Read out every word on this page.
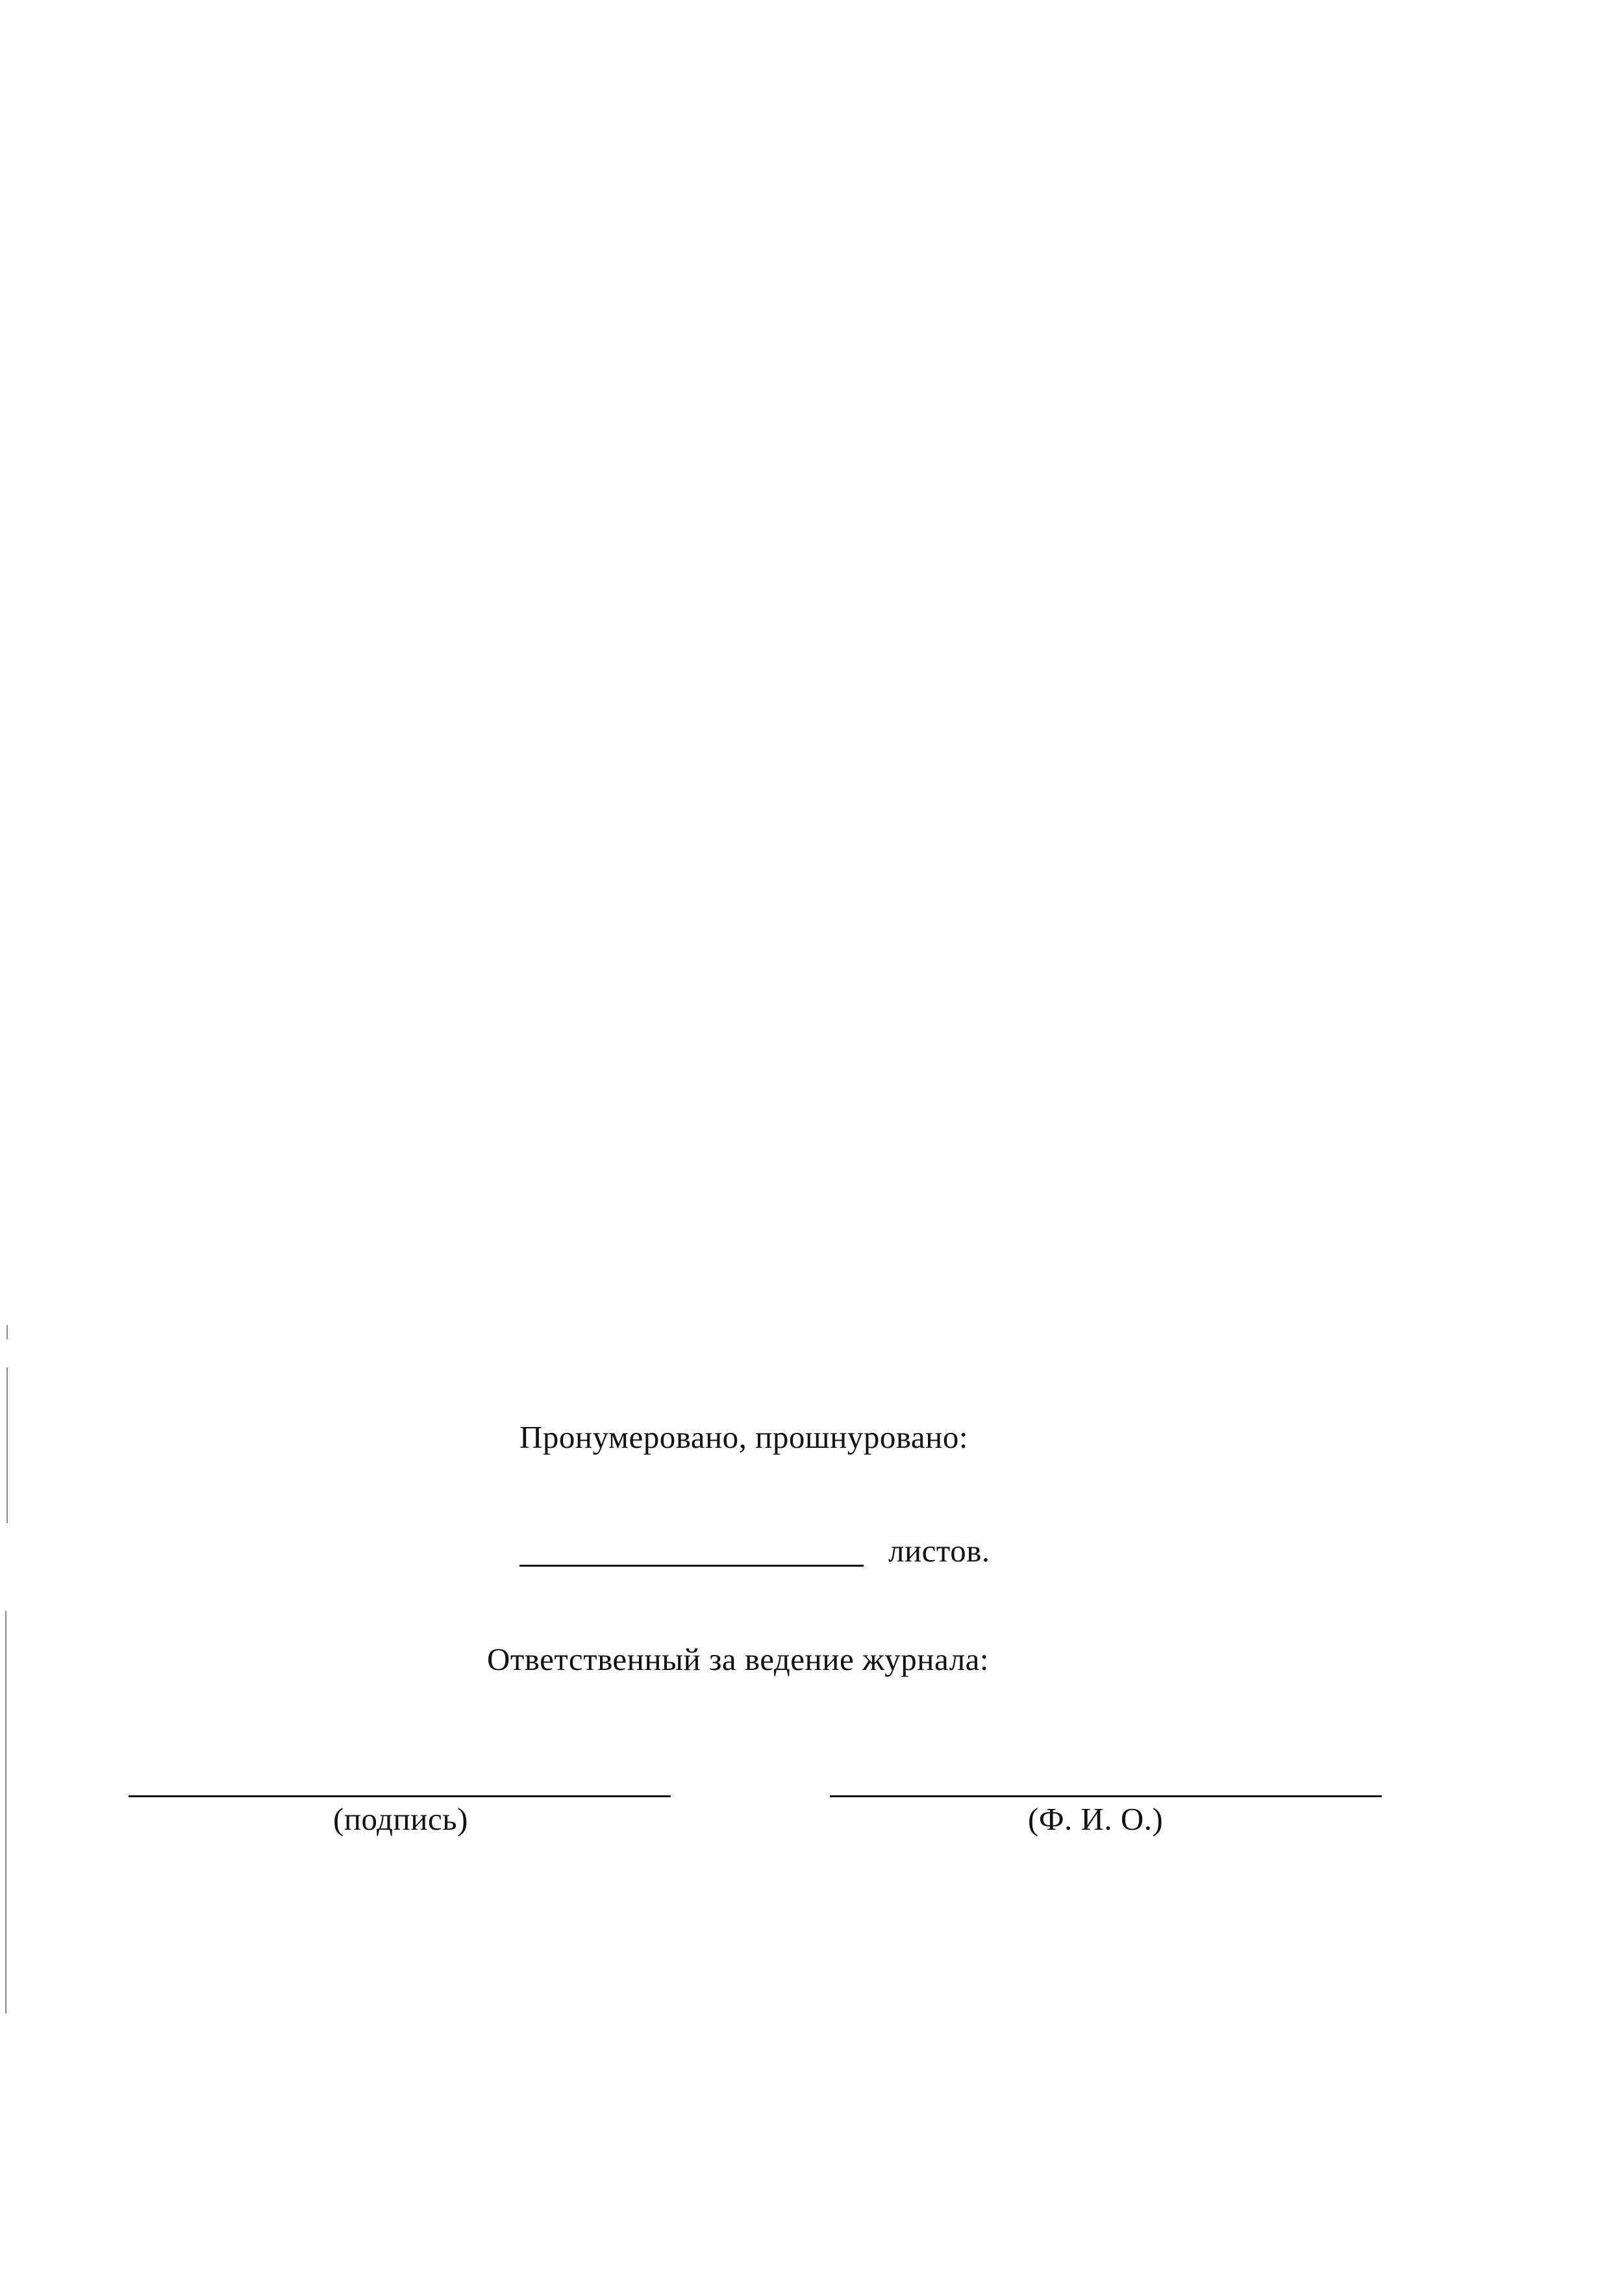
Пронумеровано, прошнуровано:
листов.
Ответственный за ведение журнала:
(подпись)	(Ф. И. О.)
